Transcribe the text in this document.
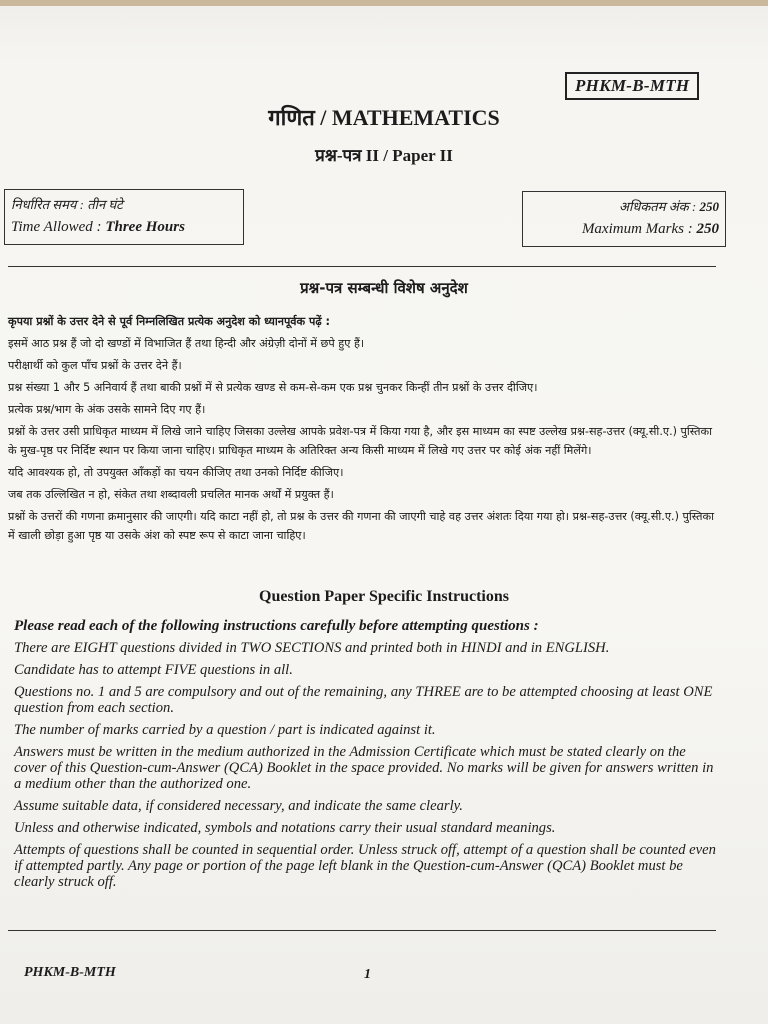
PHKM-B-MTH
गणित / MATHEMATICS
प्रश्न-पत्र II / Paper II
निर्धारित समय : तीन घंटे
Time Allowed : Three Hours
अधिकतम अंक : 250
Maximum Marks : 250
प्रश्न-पत्र सम्बन्धी विशेष अनुदेश

कृपया प्रश्नों के उत्तर देने से पूर्व निम्नलिखित प्रत्येक अनुदेश को ध्यानपूर्वक पढ़ें :

इसमें आठ प्रश्न हैं जो दो खण्डों में विभाजित हैं तथा हिन्दी और अंग्रेज़ी दोनों में छपे हुए हैं।

परीक्षार्थी को कुल पाँच प्रश्नों के उत्तर देने हैं।

प्रश्न संख्या 1 और 5 अनिवार्य हैं तथा बाकी प्रश्नों में से प्रत्येक खण्ड से कम-से-कम एक प्रश्न चुनकर किन्हीं तीन प्रश्नों के उत्तर दीजिए।

प्रत्येक प्रश्न/भाग के अंक उसके सामने दिए गए हैं।

प्रश्नों के उत्तर उसी प्राधिकृत माध्यम में लिखे जाने चाहिए जिसका उल्लेख आपके प्रवेश-पत्र में किया गया है, और इस माध्यम का स्पष्ट उल्लेख प्रश्न-सह-उत्तर (क्यू.सी.ए.) पुस्तिका के मुख-पृष्ठ पर निर्दिष्ट स्थान पर किया जाना चाहिए। प्राधिकृत माध्यम के अतिरिक्त अन्य किसी माध्यम में लिखे गए उत्तर पर कोई अंक नहीं मिलेंगे।

यदि आवश्यक हो, तो उपयुक्त आँकड़ों का चयन कीजिए तथा उनको निर्दिष्ट कीजिए।

जब तक उल्लिखित न हो, संकेत तथा शब्दावली प्रचलित मानक अर्थों में प्रयुक्त हैं।

प्रश्नों के उत्तरों की गणना क्रमानुसार की जाएगी। यदि काटा नहीं हो, तो प्रश्न के उत्तर की गणना की जाएगी चाहे वह उत्तर अंशतः दिया गया हो। प्रश्न-सह-उत्तर (क्यू.सी.ए.) पुस्तिका में खाली छोड़ा हुआ पृष्ठ या उसके अंश को स्पष्ट रूप से काटा जाना चाहिए।

Question Paper Specific Instructions

Please read each of the following instructions carefully before attempting questions :

There are EIGHT questions divided in TWO SECTIONS and printed both in HINDI and in ENGLISH.

Candidate has to attempt FIVE questions in all.

Questions no. 1 and 5 are compulsory and out of the remaining, any THREE are to be attempted choosing at least ONE question from each section.

The number of marks carried by a question / part is indicated against it.

Answers must be written in the medium authorized in the Admission Certificate which must be stated clearly on the cover of this Question-cum-Answer (QCA) Booklet in the space provided. No marks will be given for answers written in a medium other than the authorized one.

Assume suitable data, if considered necessary, and indicate the same clearly.

Unless and otherwise indicated, symbols and notations carry their usual standard meanings.

Attempts of questions shall be counted in sequential order. Unless struck off, attempt of a question shall be counted even if attempted partly. Any page or portion of the page left blank in the Question-cum-Answer (QCA) Booklet must be clearly struck off.

PHKM-B-MTH	1
